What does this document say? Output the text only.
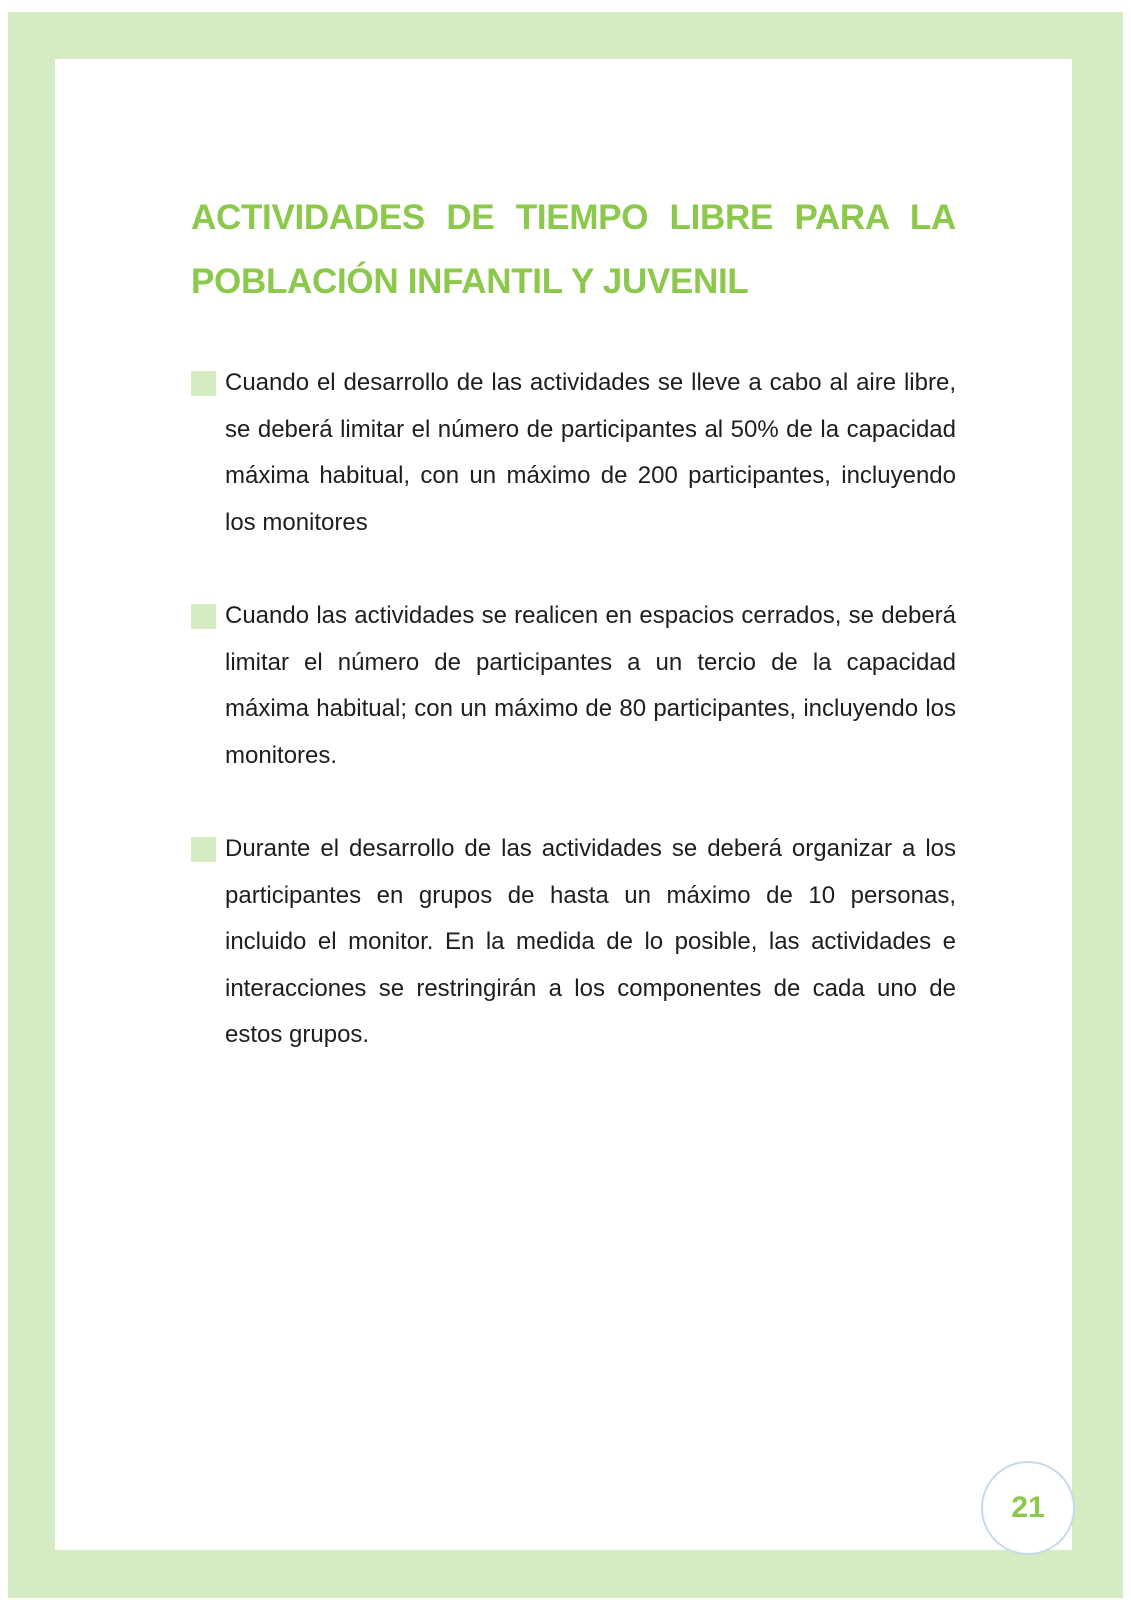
ACTIVIDADES DE TIEMPO LIBRE PARA LA POBLACIÓN INFANTIL Y JUVENIL
Cuando el desarrollo de las actividades se lleve a cabo al aire libre, se deberá limitar el número de participantes al 50% de la capacidad máxima habitual, con un máximo de 200 participantes, incluyendo los monitores
Cuando las actividades se realicen en espacios cerrados, se deberá limitar el número de participantes a un tercio de la capacidad máxima habitual; con un máximo de 80 participantes, incluyendo los monitores.
Durante el desarrollo de las actividades se deberá organizar a los participantes en grupos de hasta un máximo de 10 personas, incluido el monitor. En la medida de lo posible, las actividades e interacciones se restringirán a los componentes de cada uno de estos grupos.
21
